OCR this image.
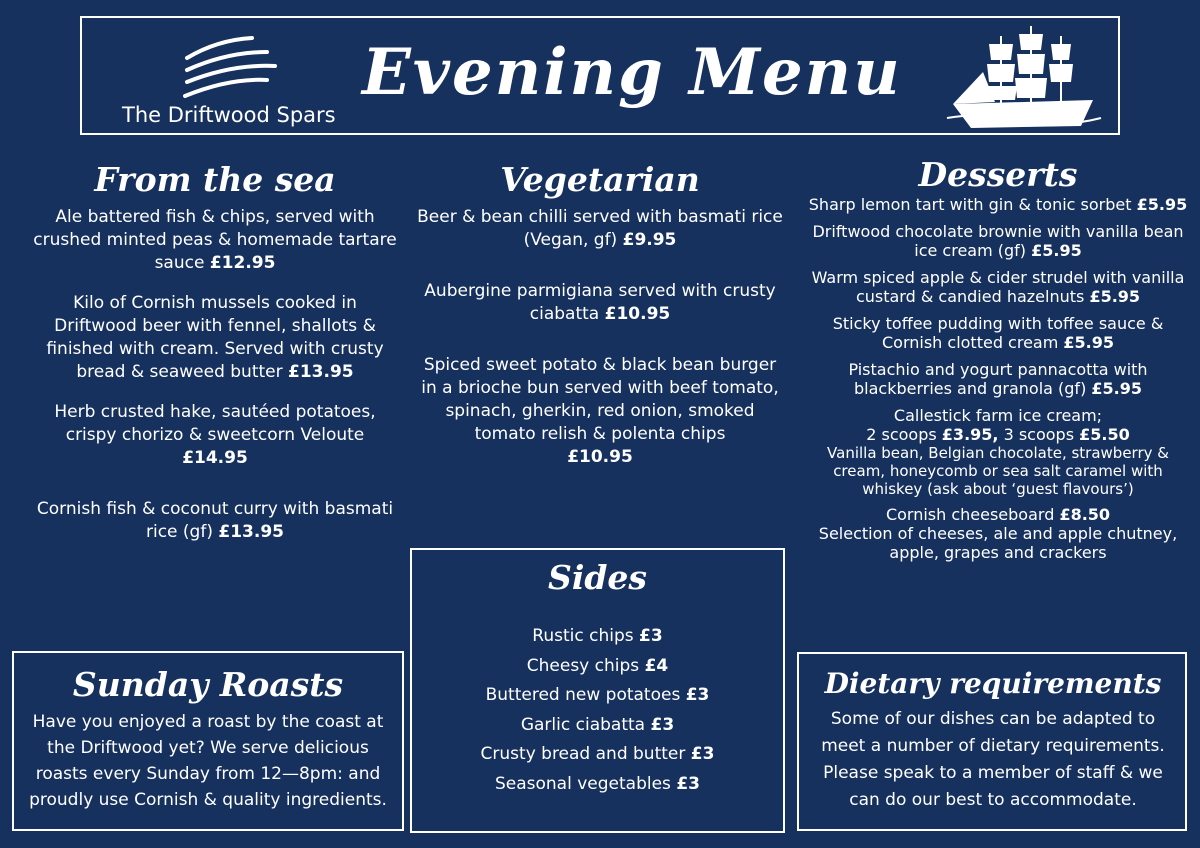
The Driftwood Spars
Evening Menu
From the sea

Ale battered fish & chips, served with crushed minted peas & homemade tartare sauce £12.95

Kilo of Cornish mussels cooked in Driftwood beer with fennel, shallots & finished with cream. Served with crusty bread & seaweed butter £13.95

Herb crusted hake, sautéed potatoes, crispy chorizo & sweetcorn Veloute
£14.95

Cornish fish & coconut curry with basmati rice (gf) £13.95

Vegetarian

Beer & bean chilli served with basmati rice (Vegan, gf) £9.95

Aubergine parmigiana served with crusty ciabatta £10.95

Spiced sweet potato & black bean burger in a brioche bun served with beef tomato, spinach, gherkin, red onion, smoked tomato relish & polenta chips
£10.95

Desserts

Sharp lemon tart with gin & tonic sorbet £5.95

Driftwood chocolate brownie with vanilla bean ice cream (gf) £5.95

Warm spiced apple & cider strudel with vanilla custard & candied hazelnuts £5.95

Sticky toffee pudding with toffee sauce & Cornish clotted cream £5.95

Pistachio and yogurt pannacotta with blackberries and granola (gf) £5.95

Callestick farm ice cream;
2 scoops £3.95, 3 scoops £5.50

Vanilla bean, Belgian chocolate, strawberry & cream, honeycomb or sea salt caramel with whiskey (ask about ‘guest flavours’)

Cornish cheeseboard £8.50
Selection of cheeses, ale and apple chutney, apple, grapes and crackers

Sides

Rustic chips £3

Cheesy chips £4

Buttered new potatoes £3

Garlic ciabatta £3

Crusty bread and butter £3

Seasonal vegetables £3

Sunday Roasts

Have you enjoyed a roast by the coast at the Driftwood yet? We serve delicious roasts every Sunday from 12—8pm: and proudly use Cornish & quality ingredients.

Dietary requirements

Some of our dishes can be adapted to meet a number of dietary requirements. Please speak to a member of staff & we can do our best to accommodate.
